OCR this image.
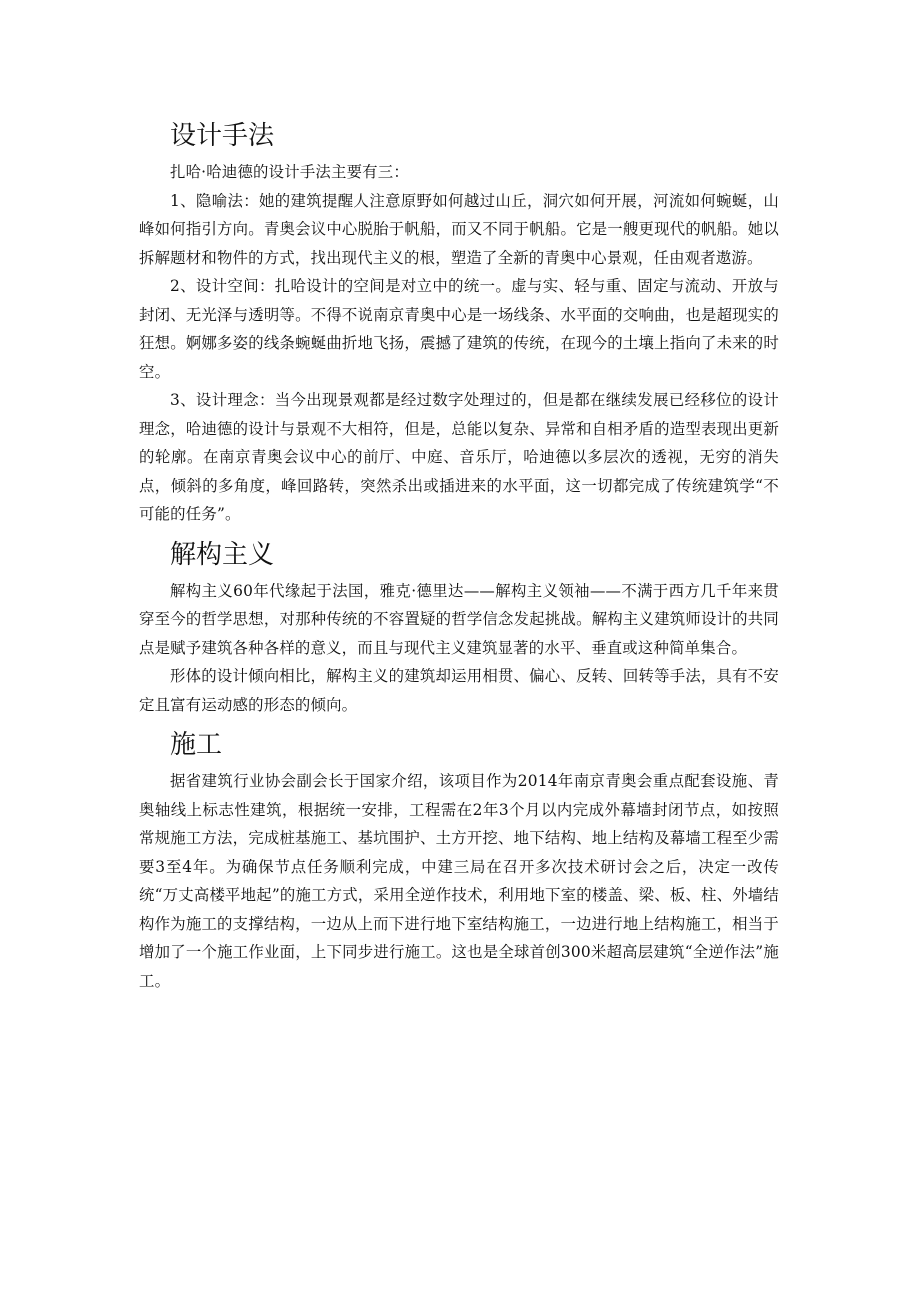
设计手法

扎哈·哈迪德的设计手法主要有三：

1、隐喻法：她的建筑提醒人注意原野如何越过山丘，洞穴如何开展，河流如何蜿蜒，山峰如何指引方向。青奥会议中心脱胎于帆船，而又不同于帆船。它是一艘更现代的帆船。她以拆解题材和物件的方式，找出现代主义的根，塑造了全新的青奥中心景观，任由观者遨游。

2、设计空间：扎哈设计的空间是对立中的统一。虚与实、轻与重、固定与流动、开放与封闭、无光泽与透明等。不得不说南京青奥中心是一场线条、水平面的交响曲，也是超现实的狂想。婀娜多姿的线条蜿蜒曲折地飞扬，震撼了建筑的传统，在现今的土壤上指向了未来的时空。

3、设计理念：当今出现景观都是经过数字处理过的，但是都在继续发展已经移位的设计理念，哈迪德的设计与景观不大相符，但是，总能以复杂、异常和自相矛盾的造型表现出更新的轮廓。在南京青奥会议中心的前厅、中庭、音乐厅，哈迪德以多层次的透视，无穷的消失点，倾斜的多角度，峰回路转，突然杀出或插进来的水平面，这一切都完成了传统建筑学“不可能的任务”。

解构主义

解构主义60年代缘起于法国，雅克·德里达——解构主义领袖——不满于西方几千年来贯穿至今的哲学思想，对那种传统的不容置疑的哲学信念发起挑战。解构主义建筑师设计的共同点是赋予建筑各种各样的意义，而且与现代主义建筑显著的水平、垂直或这种简单集合。

形体的设计倾向相比，解构主义的建筑却运用相贯、偏心、反转、回转等手法，具有不安定且富有运动感的形态的倾向。

施工

据省建筑行业协会副会长于国家介绍，该项目作为2014年南京青奥会重点配套设施、青奥轴线上标志性建筑，根据统一安排，工程需在2年3个月以内完成外幕墙封闭节点，如按照常规施工方法，完成桩基施工、基坑围护、土方开挖、地下结构、地上结构及幕墙工程至少需要3至4年。为确保节点任务顺利完成，中建三局在召开多次技术研讨会之后，决定一改传统“万丈高楼平地起”的施工方式，采用全逆作技术，利用地下室的楼盖、梁、板、柱、外墙结构作为施工的支撑结构，一边从上而下进行地下室结构施工，一边进行地上结构施工，相当于增加了一个施工作业面，上下同步进行施工。这也是全球首创300米超高层建筑“全逆作法”施工。
